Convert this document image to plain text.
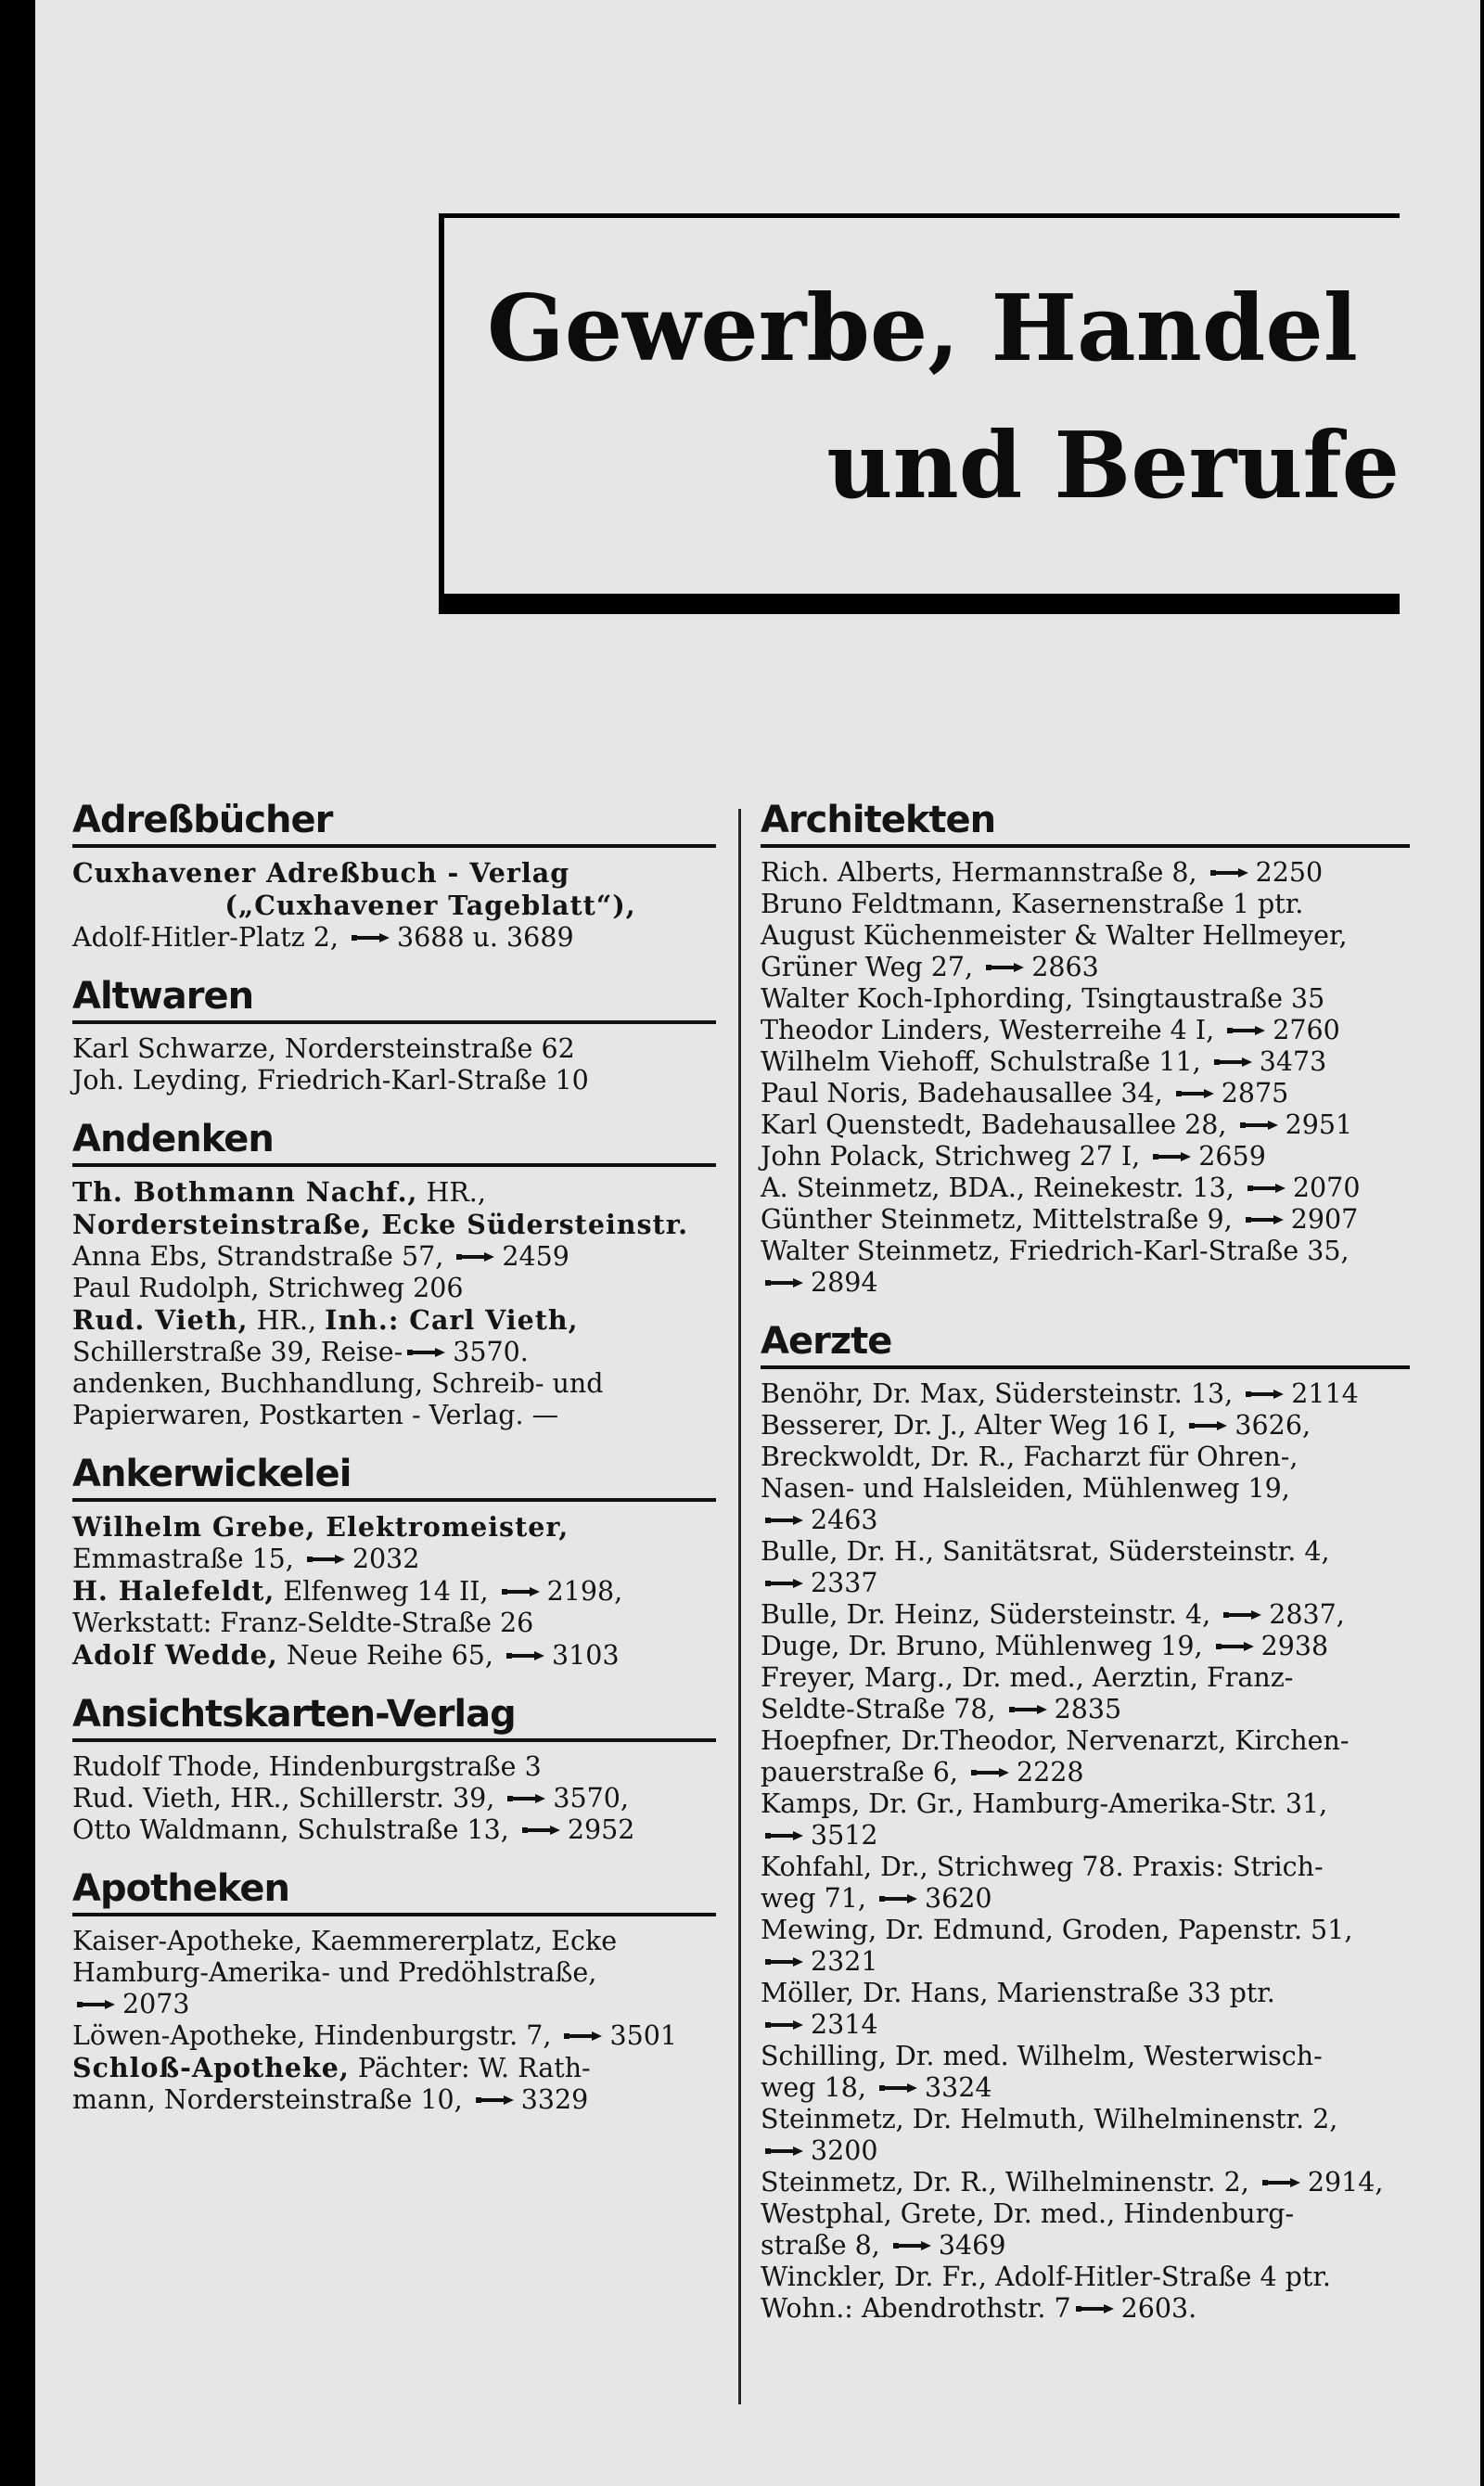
Gewerbe, Handel
und Berufe
Adreßbücher
Cuxhavener Adreßbuch - Verlag
(„Cuxhavener Tageblatt“),
Adolf-Hitler-Platz 2, 3688 u. 3689
Altwaren
Karl Schwarze, Nordersteinstraße 62
Joh. Leyding, Friedrich-Karl-Straße 10
Andenken
Th. Bothmann Nachf., HR.,
Nordersteinstraße, Ecke Südersteinstr.
Anna Ebs, Strandstraße 57, 2459
Paul Rudolph, Strichweg 206
Rud. Vieth, HR., Inh.: Carl Vieth,
Schillerstraße 39, Reise- 3570.
andenken, Buchhandlung, Schreib- und
Papierwaren, Postkarten - Verlag. —
Ankerwickelei
Wilhelm Grebe, Elektromeister,
Emmastraße 15, 2032
H. Halefeldt, Elfenweg 14 II, 2198,
Werkstatt: Franz-Seldte-Straße 26
Adolf Wedde, Neue Reihe 65, 3103
Ansichtskarten-Verlag
Rudolf Thode, Hindenburgstraße 3
Rud. Vieth, HR., Schillerstr. 39, 3570,
Otto Waldmann, Schulstraße 13, 2952
Apotheken
Kaiser-Apotheke, Kaemmererplatz, Ecke
Hamburg-Amerika- und Predöhlstraße,
2073
Löwen-Apotheke, Hindenburgstr. 7, 3501
Schloß-Apotheke, Pächter: W. Rath-
mann, Nordersteinstraße 10, 3329
Architekten
Rich. Alberts, Hermannstraße 8, 2250
Bruno Feldtmann, Kasernenstraße 1 ptr.
August Küchenmeister & Walter Hellmeyer,
Grüner Weg 27, 2863
Walter Koch-Iphording, Tsingtaustraße 35
Theodor Linders, Westerreihe 4 I, 2760
Wilhelm Viehoff, Schulstraße 11, 3473
Paul Noris, Badehausallee 34, 2875
Karl Quenstedt, Badehausallee 28, 2951
John Polack, Strichweg 27 I, 2659
A. Steinmetz, BDA., Reinekestr. 13, 2070
Günther Steinmetz, Mittelstraße 9, 2907
Walter Steinmetz, Friedrich-Karl-Straße 35,
2894
Aerzte
Benöhr, Dr. Max, Südersteinstr. 13, 2114
Besserer, Dr. J., Alter Weg 16 I, 3626,
Breckwoldt, Dr. R., Facharzt für Ohren-,
Nasen- und Halsleiden, Mühlenweg 19,
2463
Bulle, Dr. H., Sanitätsrat, Südersteinstr. 4,
2337
Bulle, Dr. Heinz, Südersteinstr. 4, 2837,
Duge, Dr. Bruno, Mühlenweg 19, 2938
Freyer, Marg., Dr. med., Aerztin, Franz-
Seldte-Straße 78, 2835
Hoepfner, Dr.Theodor, Nervenarzt, Kirchen-
pauerstraße 6, 2228
Kamps, Dr. Gr., Hamburg-Amerika-Str. 31,
3512
Kohfahl, Dr., Strichweg 78. Praxis: Strich-
weg 71, 3620
Mewing, Dr. Edmund, Groden, Papenstr. 51,
2321
Möller, Dr. Hans, Marienstraße 33 ptr.
2314
Schilling, Dr. med. Wilhelm, Westerwisch-
weg 18, 3324
Steinmetz, Dr. Helmuth, Wilhelminenstr. 2,
3200
Steinmetz, Dr. R., Wilhelminenstr. 2, 2914,
Westphal, Grete, Dr. med., Hindenburg-
straße 8, 3469
Winckler, Dr. Fr., Adolf-Hitler-Straße 4 ptr.
Wohn.: Abendrothstr. 7 2603.
